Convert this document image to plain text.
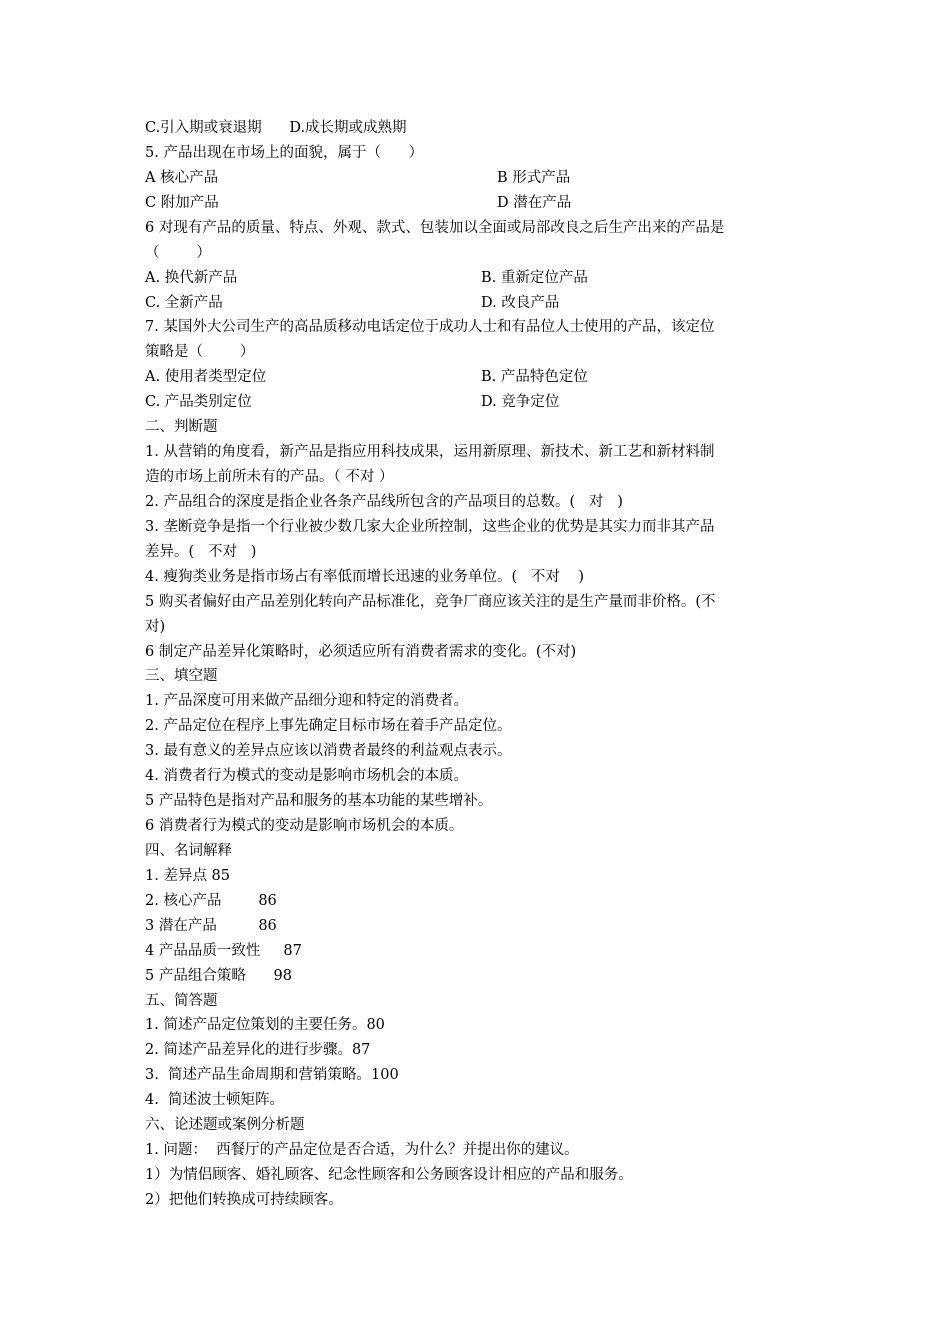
C.引入期或衰退期      D.成长期或成熟期
5. 产品出现在市场上的面貌，属于（      ）
A 核心产品	B 形式产品
C 附加产品	D 潜在产品
6 对现有产品的质量、特点、外观、款式、包装加以全面或局部改良之后生产出来的产品是
（        ）
A. 换代新产品	B. 重新定位产品
C. 全新产品	D. 改良产品
7. 某国外大公司生产的高品质移动电话定位于成功人士和有品位人士使用的产品，该定位
策略是（        ）
A. 使用者类型定位	B. 产品特色定位
C. 产品类别定位	D. 竞争定位
二、判断题
1. 从营销的角度看，新产品是指应用科技成果，运用新原理、新技术、新工艺和新材料制
造的市场上前所未有的产品。（ 不对 ）
2. 产品组合的深度是指企业各条产品线所包含的产品项目的总数。(   对   )
3. 垄断竞争是指一个行业被少数几家大企业所控制，这些企业的优势是其实力而非其产品
差异。(   不对   )
4. 瘦狗类业务是指市场占有率低而增长迅速的业务单位。(   不对    )
5 购买者偏好由产品差别化转向产品标准化，竞争厂商应该关注的是生产量而非价格。(不
对)
6 制定产品差异化策略时，必须适应所有消费者需求的变化。(不对)
三、填空题
1. 产品深度可用来做产品细分迎和特定的消费者。
2. 产品定位在程序上事先确定目标市场在着手产品定位。
3. 最有意义的差异点应该以消费者最终的利益观点表示。
4. 消费者行为模式的变动是影响市场机会的本质。
5 产品特色是指对产品和服务的基本功能的某些增补。
6 消费者行为模式的变动是影响市场机会的本质。
四、名词解释
1. 差异点 85
2. 核心产品        86
3 潜在产品         86
4 产品品质一致性     87
5 产品组合策略      98
五、简答题
1. 简述产品定位策划的主要任务。80
2. 简述产品差异化的进行步骤。87
3.  简述产品生命周期和营销策略。100
4.  简述波士顿矩阵。
六、论述题或案例分析题
1. 问题：  西餐厅的产品定位是否合适，为什么？并提出你的建议。
1）为情侣顾客、婚礼顾客、纪念性顾客和公务顾客设计相应的产品和服务。
2）把他们转换成可持续顾客。
